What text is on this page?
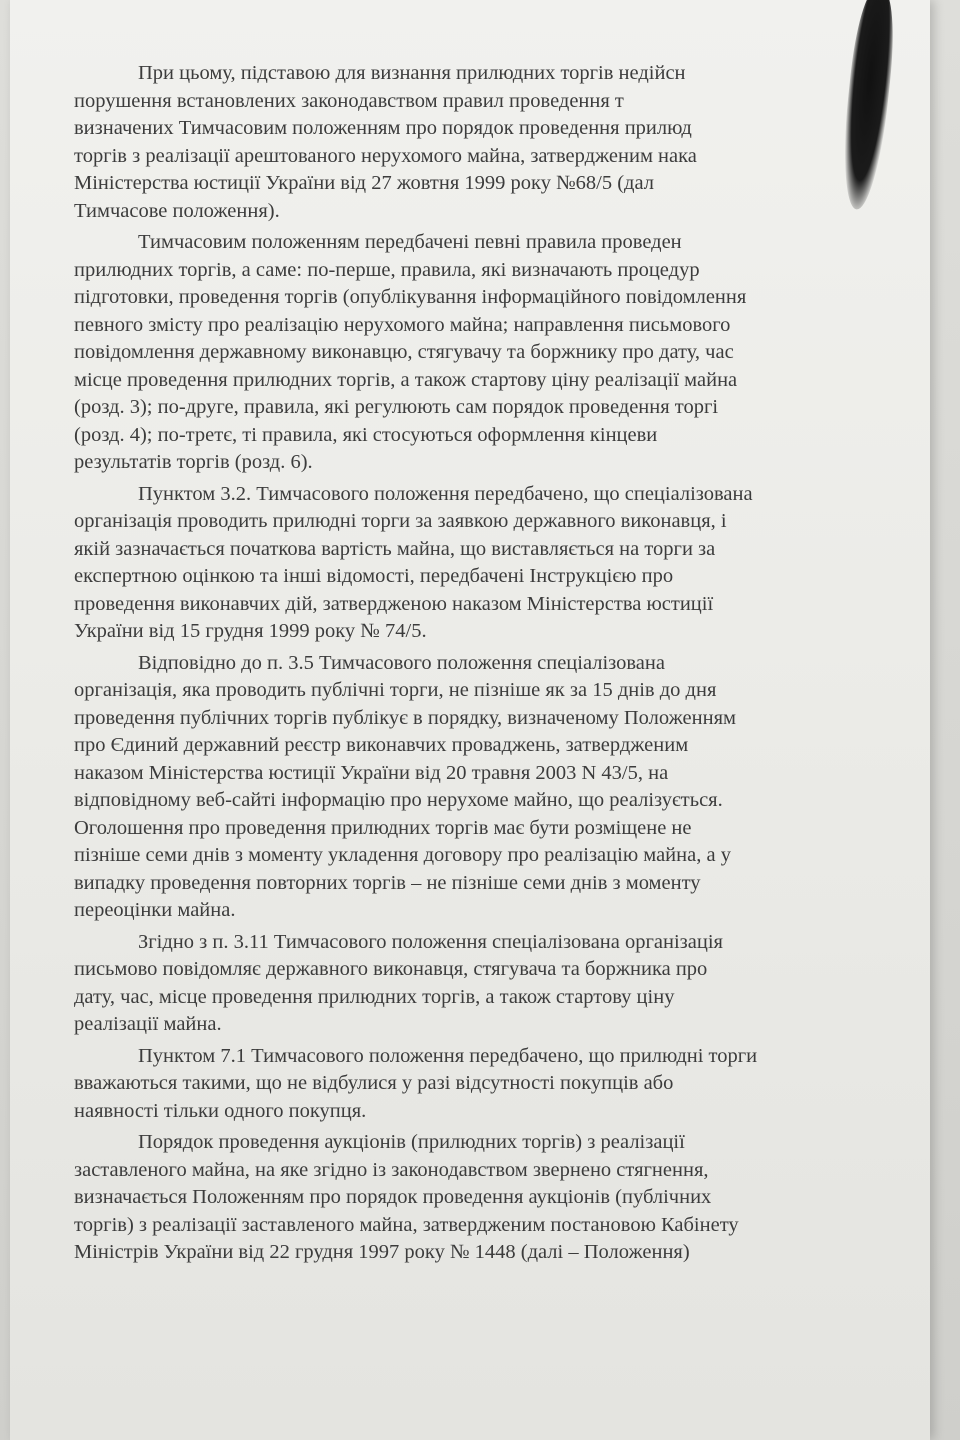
При цьому, підставою для визнання прилюдних торгів недійсн
порушення встановлених законодавством правил проведення т
визначених Тимчасовим положенням про порядок проведення прилюд
торгів з реалізації арештованого нерухомого майна, затвердженим нака
Міністерства юстиції України від 27 жовтня 1999 року №68/5 (дал
Тимчасове положення).
Тимчасовим положенням передбачені певні правила проведен
прилюдних торгів, а саме: по-перше, правила, які визначають процедур
підготовки, проведення торгів (опублікування інформаційного повідомлення
певного змісту про реалізацію нерухомого майна; направлення письмового
повідомлення державному виконавцю, стягувачу та боржнику про дату, час
місце проведення прилюдних торгів, а також стартову ціну реалізації майна
(розд. 3); по-друге, правила, які регулюють сам порядок проведення торгі
(розд. 4); по-третє, ті правила, які стосуються оформлення кінцеви
результатів торгів (розд. 6).
Пунктом 3.2. Тимчасового положення передбачено, що спеціалізована
організація проводить прилюдні торги за заявкою державного виконавця, і
якій зазначається початкова вартість майна, що виставляється на торги за
експертною оцінкою та інші відомості, передбачені Інструкцією про
проведення виконавчих дій, затвердженою наказом Міністерства юстиції
України від 15 грудня 1999 року № 74/5.
Відповідно до п. 3.5 Тимчасового положення спеціалізована
організація, яка проводить публічні торги, не пізніше як за 15 днів до дня
проведення публічних торгів публікує в порядку, визначеному Положенням
про Єдиний державний реєстр виконавчих проваджень, затвердженим
наказом Міністерства юстиції України від 20 травня 2003 N 43/5, на
відповідному веб-сайті інформацію про нерухоме майно, що реалізується.
Оголошення про проведення прилюдних торгів має бути розміщене не
пізніше семи днів з моменту укладення договору про реалізацію майна, а у
випадку проведення повторних торгів – не пізніше семи днів з моменту
переоцінки майна.
Згідно з п. 3.11 Тимчасового положення спеціалізована організація
письмово повідомляє державного виконавця, стягувача та боржника про
дату, час, місце проведення прилюдних торгів, а також стартову ціну
реалізації майна.
Пунктом 7.1 Тимчасового положення передбачено, що прилюдні торги
вважаються такими, що не відбулися у разі відсутності покупців або
наявності тільки одного покупця.
Порядок проведення аукціонів (прилюдних торгів) з реалізації
заставленого майна, на яке згідно із законодавством звернено стягнення,
визначається Положенням про порядок проведення аукціонів (публічних
торгів) з реалізації заставленого майна, затвердженим постановою Кабінету
Міністрів України від 22 грудня 1997 року № 1448 (далі – Положення)
